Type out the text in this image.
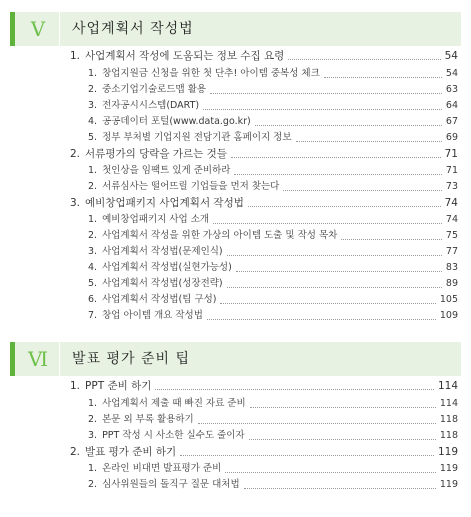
Ⅴ 사업계획서 작성법
1. 사업계획서 작성에 도움되는 정보 수집 요령	54
1. 창업지원금 신청을 위한 첫 단추! 아이템 중복성 체크	54
2. 중소기업기술로드맵 활용	63
3. 전자공시시스템(DART)	64
4. 공공데이터 포털(www.data.go.kr)	67
5. 정부 부처별 기업지원 전담기관 홈페이지 정보	69
2. 서류평가의 당락을 가르는 것들	71
1. 첫인상을 임팩트 있게 준비하라	71
2. 서류심사는 떨어뜨릴 기업들을 먼저 찾는다	73
3. 예비창업패키지 사업계획서 작성법	74
1. 예비창업패키지 사업 소개	74
2. 사업계획서 작성을 위한 가상의 아이템 도출 및 작성 목차	75
3. 사업계획서 작성법(문제인식)	77
4. 사업계획서 작성법(실현가능성)	83
5. 사업계획서 작성법(성장전략)	89
6. 사업계획서 작성법(팀 구성)	105
7. 창업 아이템 개요 작성법	109
Ⅵ 발표 평가 준비 팁
1. PPT 준비 하기	114
1. 사업계획서 제출 때 빠진 자료 준비	114
2. 본문 외 부록 활용하기	118
3. PPT 작성 시 사소한 실수도 줄이자	118
2. 발표 평가 준비 하기	119
1. 온라인 비대면 발표평가 준비	119
2. 심사위원들의 돌직구 질문 대처법	119
